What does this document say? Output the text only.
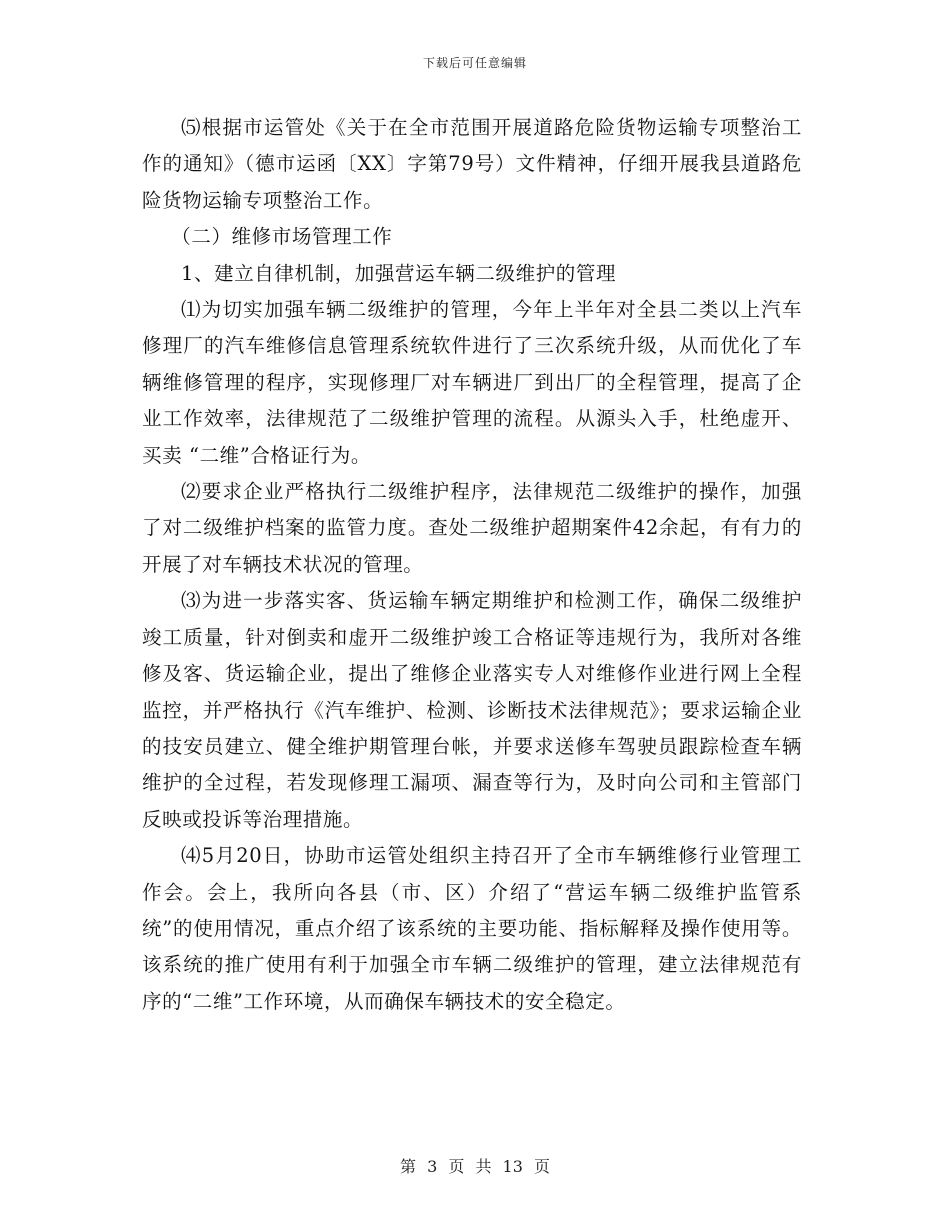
下载后可任意编辑

⑸根据市运管处《关于在全市范围开展道路危险货物运输专项整治工作的通知》（德市运函〔XX〕字第79号）文件精神，仔细开展我县道路危险货物运输专项整治工作。

（二）维修市场管理工作

1、建立自律机制，加强营运车辆二级维护的管理

⑴为切实加强车辆二级维护的管理，今年上半年对全县二类以上汽车修理厂的汽车维修信息管理系统软件进行了三次系统升级，从而优化了车辆维修管理的程序，实现修理厂对车辆进厂到出厂的全程管理，提高了企业工作效率，法律规范了二级维护管理的流程。从源头入手，杜绝虚开、买卖 “二维”合格证行为。

⑵要求企业严格执行二级维护程序，法律规范二级维护的操作，加强了对二级维护档案的监管力度。查处二级维护超期案件42余起，有有力的开展了对车辆技术状况的管理。

⑶为进一步落实客、货运输车辆定期维护和检测工作，确保二级维护竣工质量，针对倒卖和虚开二级维护竣工合格证等违规行为，我所对各维修及客、货运输企业，提出了维修企业落实专人对维修作业进行网上全程监控，并严格执行《汽车维护、检测、诊断技术法律规范》；要求运输企业的技安员建立、健全维护期管理台帐，并要求送修车驾驶员跟踪检查车辆维护的全过程，若发现修理工漏项、漏查等行为，及时向公司和主管部门反映或投诉等治理措施。

⑷5月20日，协助市运管处组织主持召开了全市车辆维修行业管理工作会。会上，我所向各县（市、区）介绍了“营运车辆二级维护监管系统”的使用情况，重点介绍了该系统的主要功能、指标解释及操作使用等。该系统的推广使用有利于加强全市车辆二级维护的管理，建立法律规范有序的“二维”工作环境，从而确保车辆技术的安全稳定。

第 3 页 共 13 页
